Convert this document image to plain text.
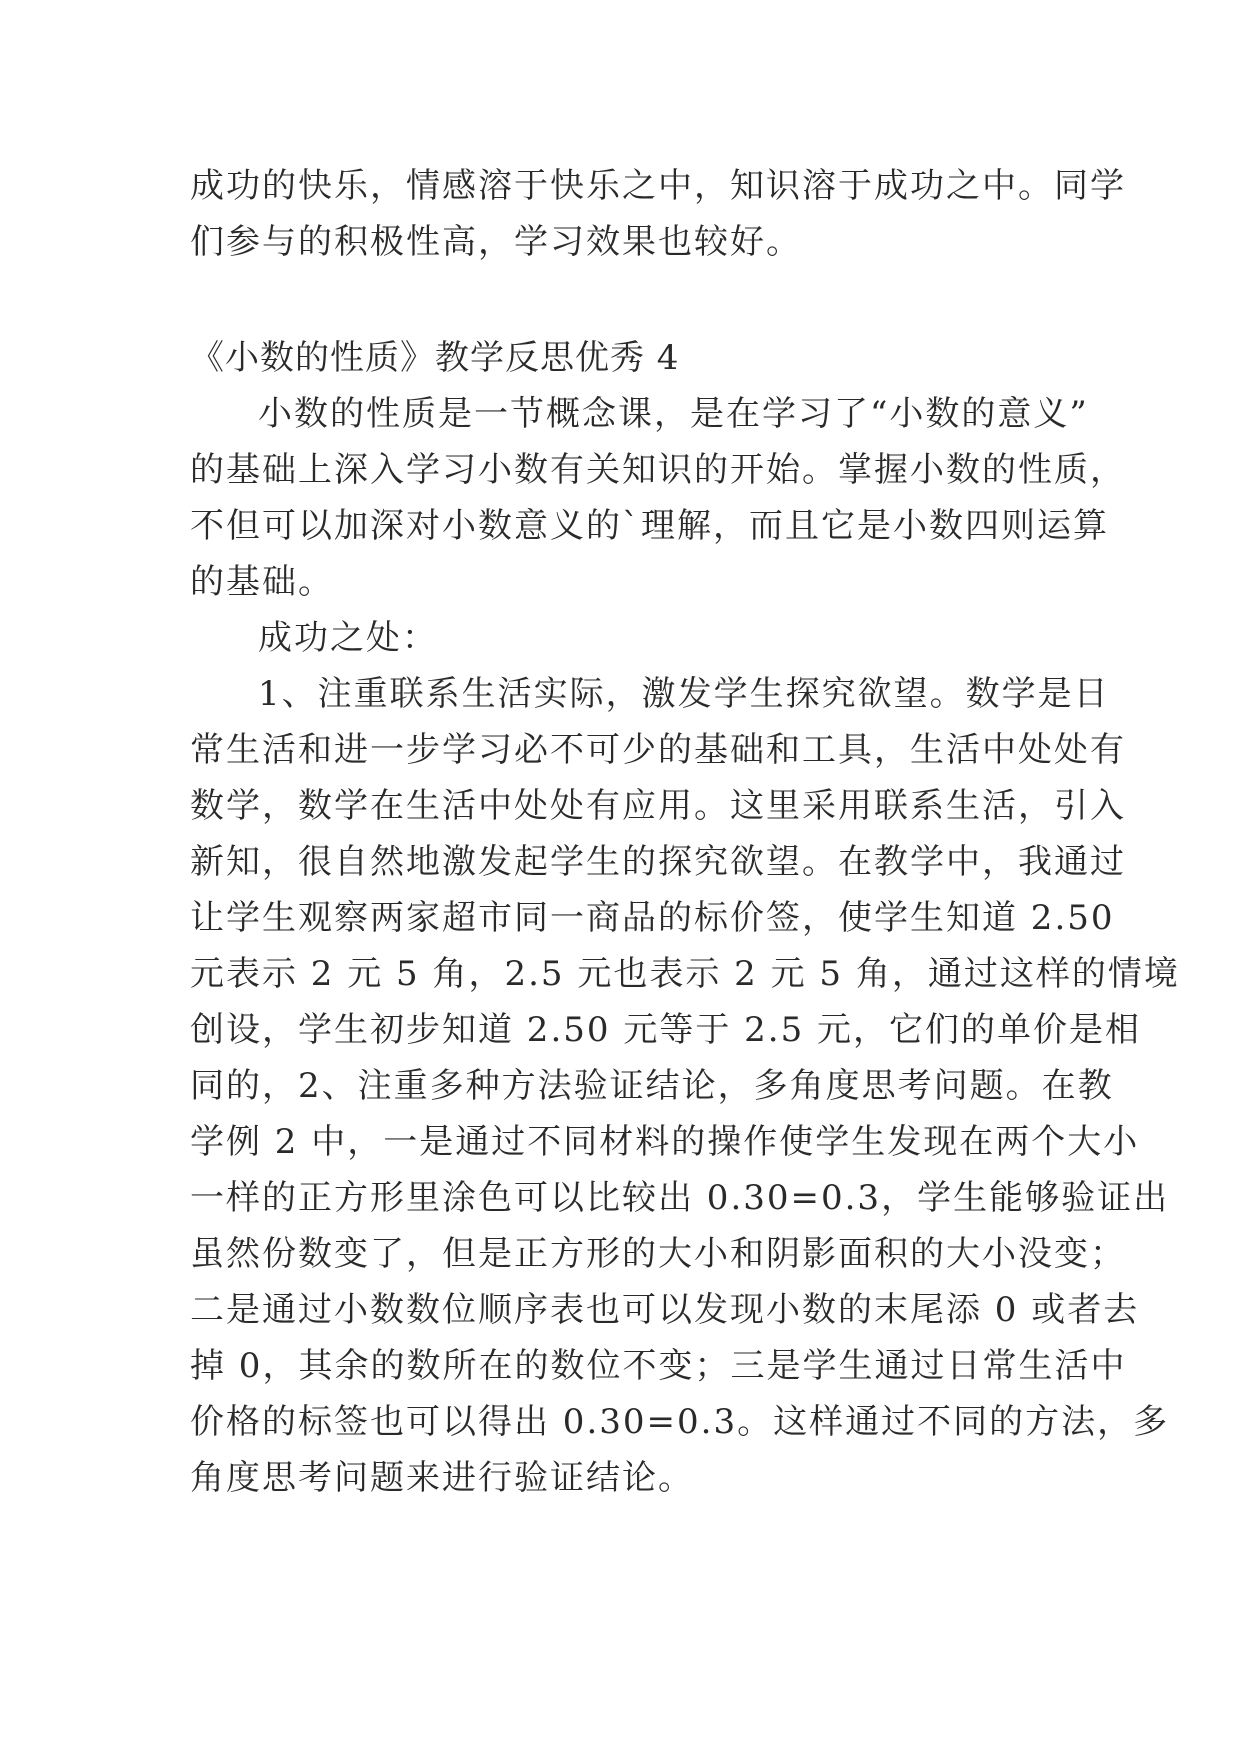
成功的快乐，情感溶于快乐之中，知识溶于成功之中。同学
们参与的积极性高，学习效果也较好。
《小数的性质》教学反思优秀 4
小数的性质是一节概念课，是在学习了“小数的意义”
的基础上深入学习小数有关知识的开始。掌握小数的性质，
不但可以加深对小数意义的`理解，而且它是小数四则运算
的基础。
成功之处：
1、注重联系生活实际，激发学生探究欲望。数学是日
常生活和进一步学习必不可少的基础和工具，生活中处处有
数学，数学在生活中处处有应用。这里采用联系生活，引入
新知，很自然地激发起学生的探究欲望。在教学中，我通过
让学生观察两家超市同一商品的标价签，使学生知道 2.50
元表示 2 元 5 角，2.5 元也表示 2 元 5 角，通过这样的情境
创设，学生初步知道 2.50 元等于 2.5 元，它们的单价是相
同的，2、注重多种方法验证结论，多角度思考问题。在教
学例 2 中，一是通过不同材料的操作使学生发现在两个大小
一样的正方形里涂色可以比较出 0.30=0.3，学生能够验证出
虽然份数变了，但是正方形的大小和阴影面积的大小没变；
二是通过小数数位顺序表也可以发现小数的末尾添 0 或者去
掉 0，其余的数所在的数位不变；三是学生通过日常生活中
价格的标签也可以得出 0.30=0.3。这样通过不同的方法，多
角度思考问题来进行验证结论。
